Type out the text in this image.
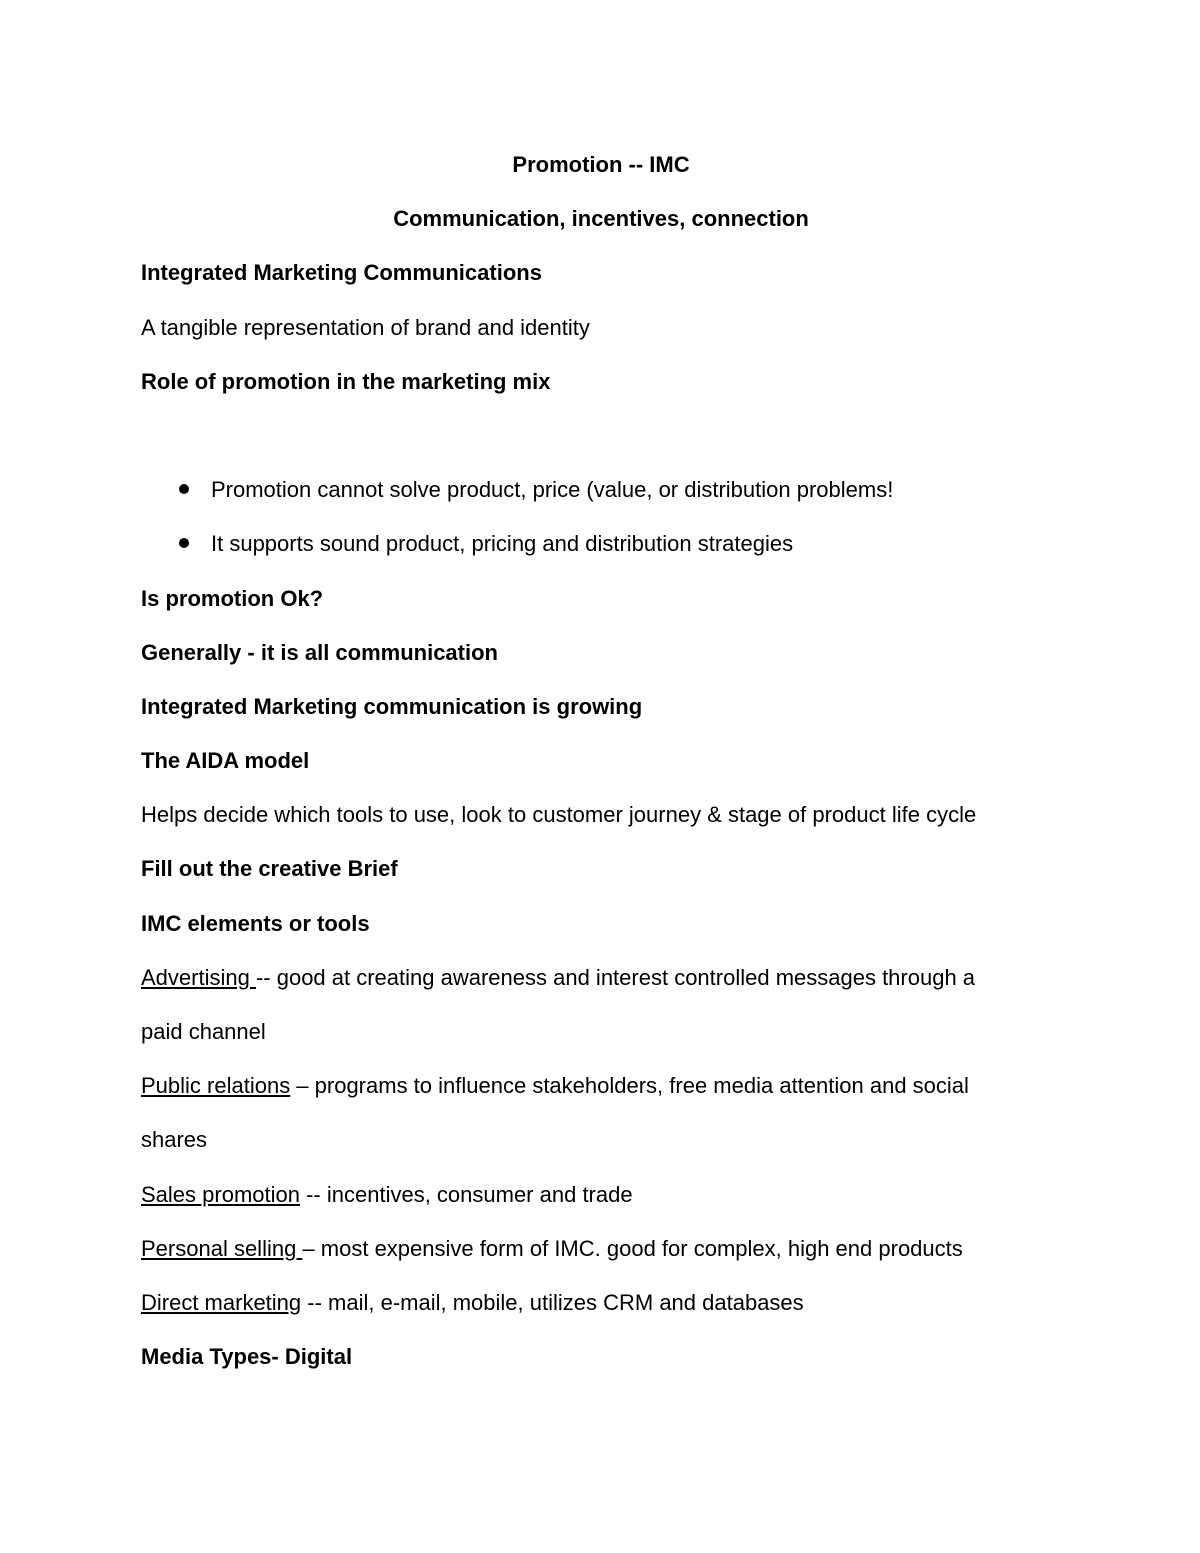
Promotion -- IMC
Communication, incentives, connection
Integrated Marketing Communications
A tangible representation of brand and identity
Role of promotion in the marketing mix
Promotion cannot solve product, price (value, or distribution problems!
It supports sound product, pricing and distribution strategies
Is promotion Ok?
Generally - it is all communication
Integrated Marketing communication is growing
The AIDA model
Helps decide which tools to use, look to customer journey & stage of product life cycle
Fill out the creative Brief
IMC elements or tools
Advertising -- good at creating awareness and interest controlled messages through a
paid channel
Public relations – programs to influence stakeholders, free media attention and social
shares
Sales promotion -- incentives, consumer and trade
Personal selling – most expensive form of IMC. good for complex, high end products
Direct marketing -- mail, e-mail, mobile, utilizes CRM and databases
Media Types- Digital
